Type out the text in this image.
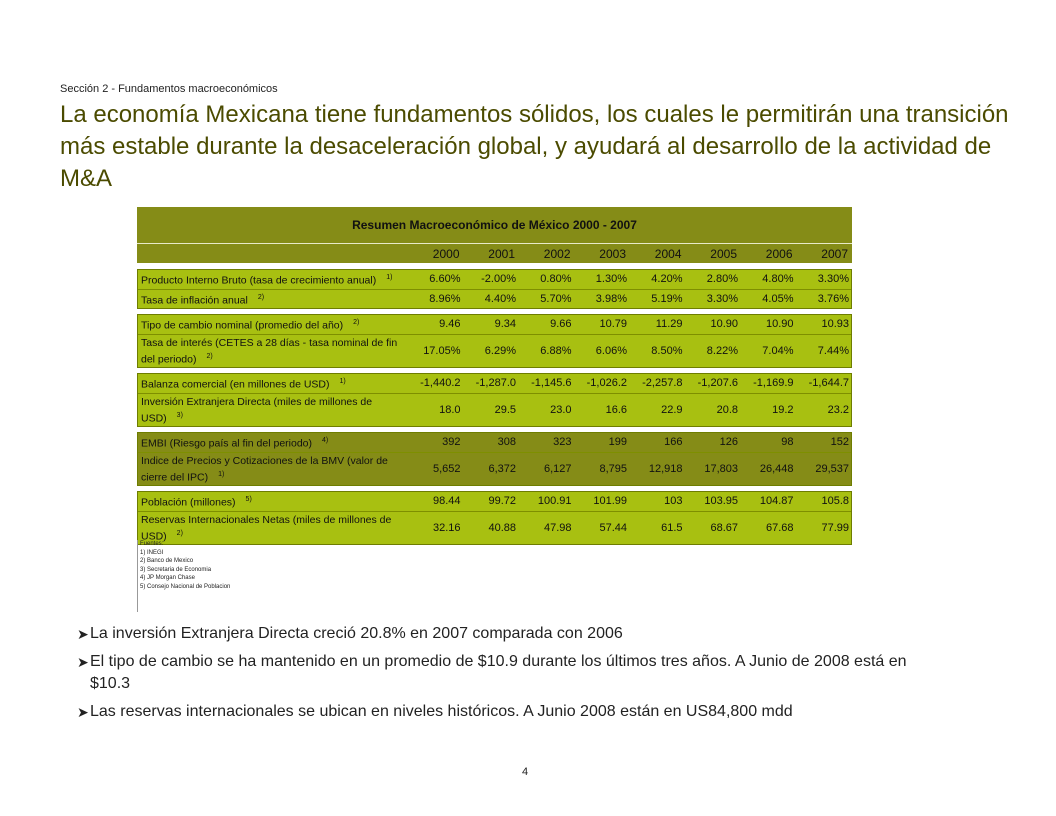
Sección 2 - Fundamentos macroeconómicos
La economía Mexicana tiene fundamentos sólidos, los cuales le permitirán una transición más estable durante la desaceleración global, y ayudará al desarrollo de la actividad de M&A
Resumen Macroeconómico de México 2000 - 2007
2000	2001	2002	2003	2004	2005	2006	2007
Producto Interno Bruto (tasa de crecimiento anual) $^{1)}$	6.60%	-2.00%	0.80%	1.30%	4.20%	2.80%	4.80%	3.30%
Tasa de inflación anual $^{2)}$	8.96%	4.40%	5.70%	3.98%	5.19%	3.30%	4.05%	3.76%
Tipo de cambio nominal (promedio del año) $^{2)}$	9.46	9.34	9.66	10.79	11.29	10.90	10.90	10.93
Tasa de interés (CETES a 28 días - tasa nominal de fin del periodo) $^{2)}$	17.05%	6.29%	6.88%	6.06%	8.50%	8.22%	7.04%	7.44%
Balanza comercial (en millones de USD) $^{1)}$	-1,440.2	-1,287.0	-1,145.6	-1,026.2	-2,257.8	-1,207.6	-1,169.9	-1,644.7
Inversión Extranjera Directa (miles de millones de USD) $^{3)}$	18.0	29.5	23.0	16.6	22.9	20.8	19.2	23.2
EMBI (Riesgo país al fin del periodo) $^{4)}$	392	308	323	199	166	126	98	152
Indice de Precios y Cotizaciones de la BMV (valor de cierre del IPC) $^{1)}$	5,652	6,372	6,127	8,795	12,918	17,803	26,448	29,537
Población (millones) $^{5)}$	98.44	99.72	100.91	101.99	103	103.95	104.87	105.8
Reservas Internacionales Netas (miles de millones de USD) $^{2)}$	32.16	40.88	47.98	57.44	61.5	68.67	67.68	77.99
Fuentes:
1) INEGI
2) Banco de Mexico
3) Secretaria de Economia
4) JP Morgan Chase
5) Consejo Nacional de Poblacion
➤ La inversión Extranjera Directa creció 20.8% en 2007 comparada con 2006
➤ El tipo de cambio se ha mantenido en un promedio de $10.9 durante los últimos tres años. A Junio de 2008 está en $10.3
➤ Las reservas internacionales se ubican en niveles históricos. A Junio 2008 están en US84,800 mdd
4
